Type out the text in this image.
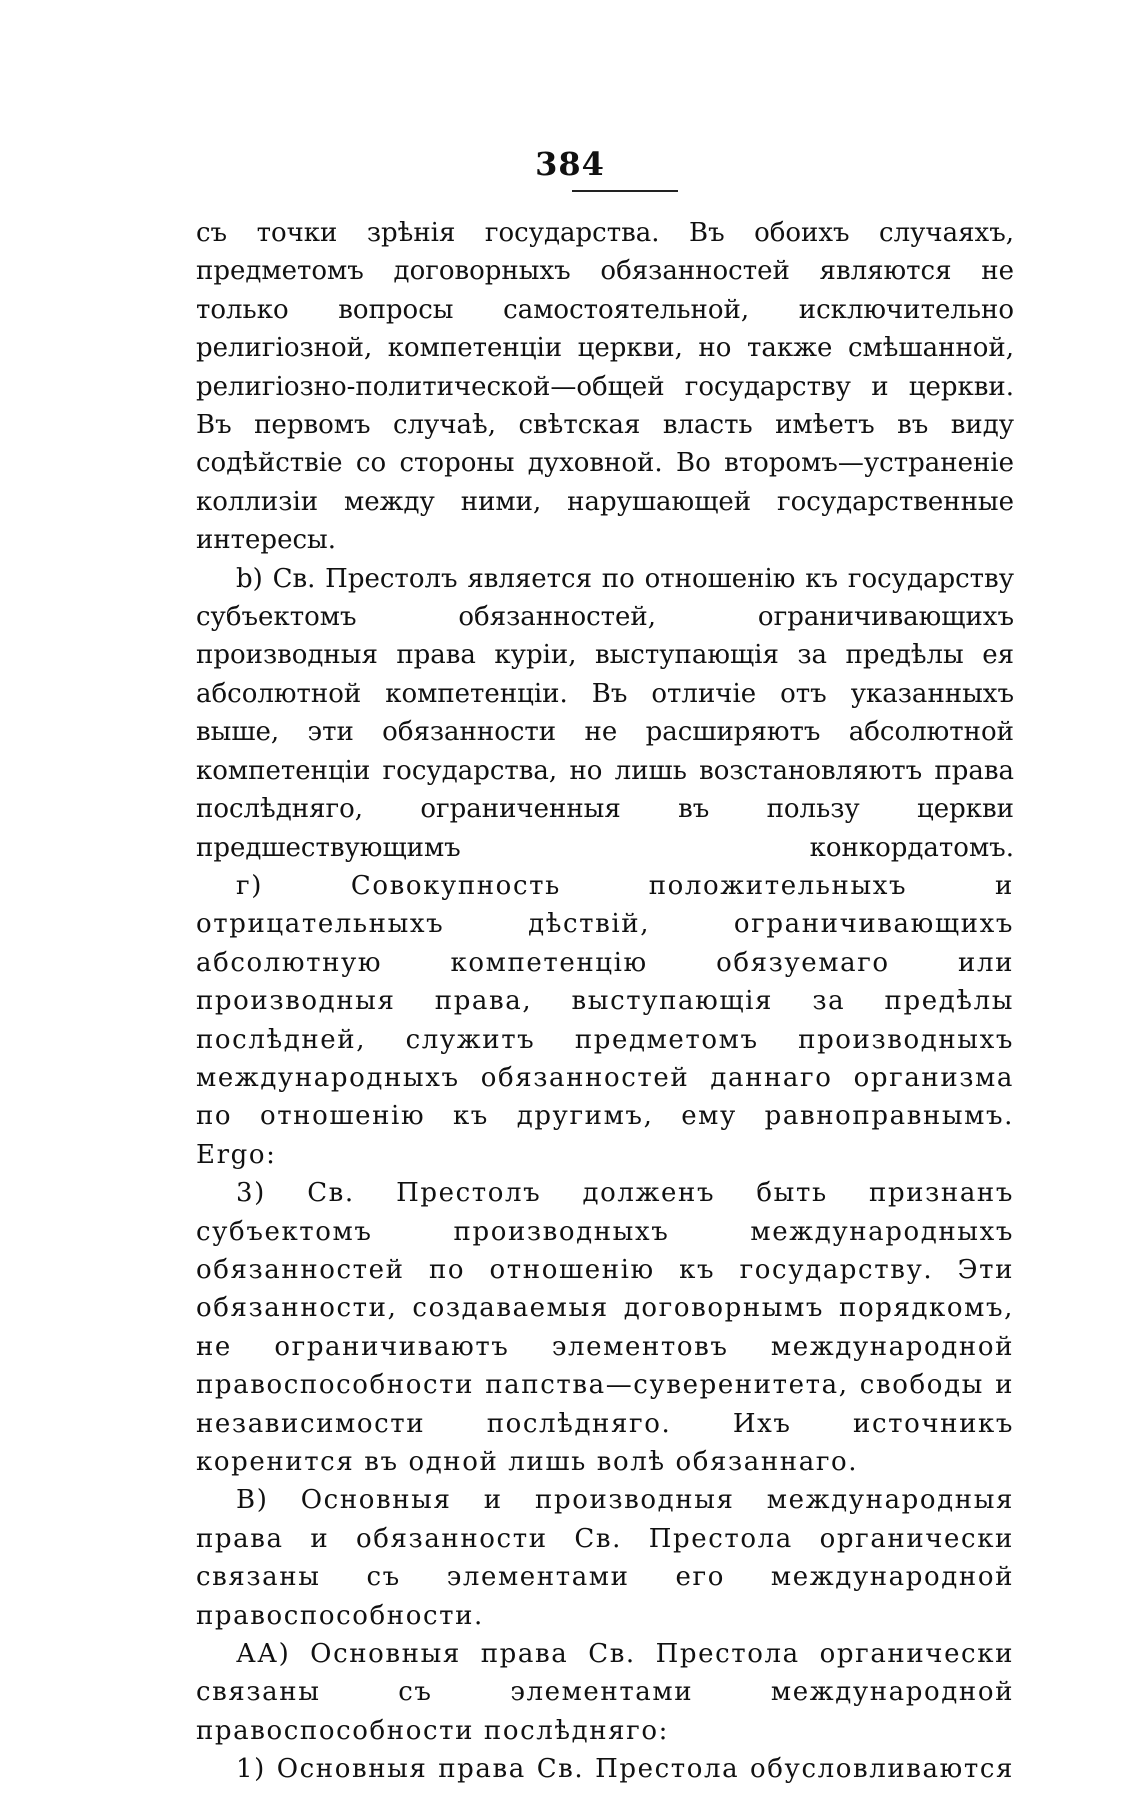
384

съ точки зрѣнія государства. Въ обоихъ случаяхъ, предметомъ договорныхъ обязанностей являются не только вопросы самостоятельной, исключительно религіозной, компетенціи церкви, но также смѣшанной, религіозно-политической—общей государству и церкви. Въ первомъ случаѣ, свѣтская власть имѣетъ въ виду содѣйствіе со стороны духовной. Во второмъ—устраненіе коллизіи между ними, нарушающей государственные интересы.

b) Св. Престолъ является по отношенію къ государству субъектомъ обязанностей, ограничивающихъ производныя права куріи, выступающія за предѣлы ея абсолютной компетенціи. Въ отличіе отъ указанныхъ выше, эти обязанности не расширяютъ абсолютной компетенціи государства, но лишь возстановляютъ права послѣдняго, ограниченныя въ пользу церкви предшествующимъ конкордатомъ.

г) Совокупность положительныхъ и отрицательныхъ дѣствій, ограничивающихъ абсолютную компетенцію обязуемаго или производныя права, выступающія за предѣлы послѣдней, служитъ предметомъ производныхъ международныхъ обязанностей даннаго организма по отношенію къ другимъ, ему равноправнымъ. Ergo:

3) Св. Престолъ долженъ быть признанъ субъектомъ производныхъ международныхъ обязанностей по отношенію къ государству. Эти обязанности, создаваемыя договорнымъ порядкомъ, не ограничиваютъ элементовъ международной правоспособности папства—суверенитета, свободы и независимости послѣдняго. Ихъ источникъ коренится въ одной лишь волѣ обязаннаго.

В) Основныя и производныя международныя права и обязанности Св. Престола органически связаны съ элементами его международной правоспособности.

АА) Основныя права Св. Престола органически связаны съ элементами международной правоспособности послѣдняго:

1) Основныя права Св. Престола обусловливаются
